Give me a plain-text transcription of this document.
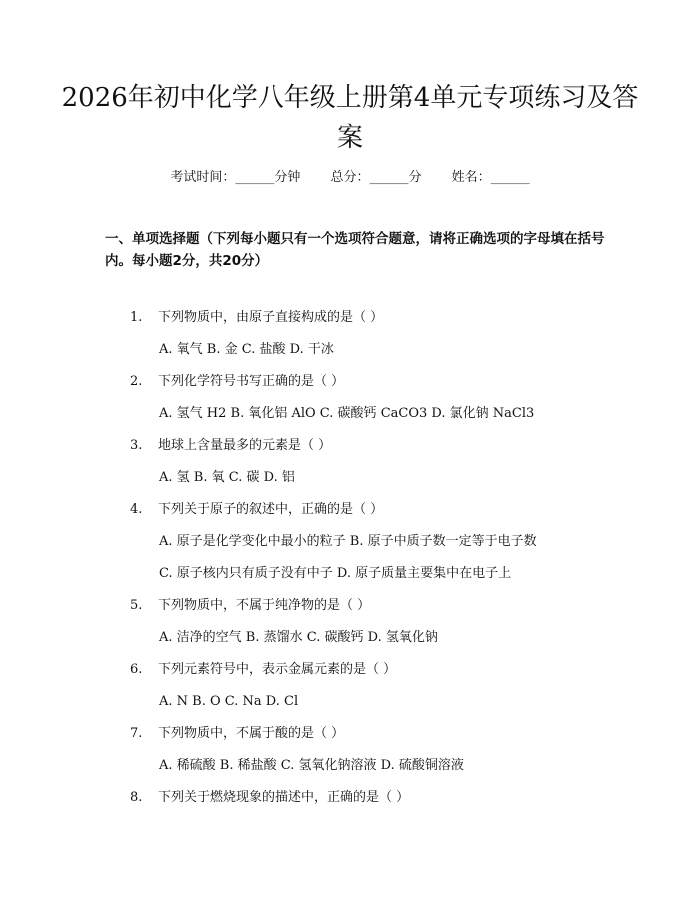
2026年初中化学八年级上册第4单元专项练习及答案
考试时间：______分钟 总分：______分 姓名：______

一、单项选择题（下列每小题只有一个选项符合题意，请将正确选项的字母填在括号内。每小题2分，共20分）

1. 下列物质中，由原子直接构成的是（ ）
A. 氧气 B. 金 C. 盐酸 D. 干冰
2. 下列化学符号书写正确的是（ ）
A. 氢气 H2 B. 氧化铝 AlO C. 碳酸钙 CaCO3 D. 氯化钠 NaCl3
3. 地球上含量最多的元素是（ ）
A. 氢 B. 氧 C. 碳 D. 铝
4. 下列关于原子的叙述中，正确的是（ ）
A. 原子是化学变化中最小的粒子 B. 原子中质子数一定等于电子数
C. 原子核内只有质子没有中子 D. 原子质量主要集中在电子上
5. 下列物质中，不属于纯净物的是（ ）
A. 洁净的空气 B. 蒸馏水 C. 碳酸钙 D. 氢氧化钠
6. 下列元素符号中，表示金属元素的是（ ）
A. N B. O C. Na D. Cl
7. 下列物质中，不属于酸的是（ ）
A. 稀硫酸 B. 稀盐酸 C. 氢氧化钠溶液 D. 硫酸铜溶液
8. 下列关于燃烧现象的描述中，正确的是（ ）
